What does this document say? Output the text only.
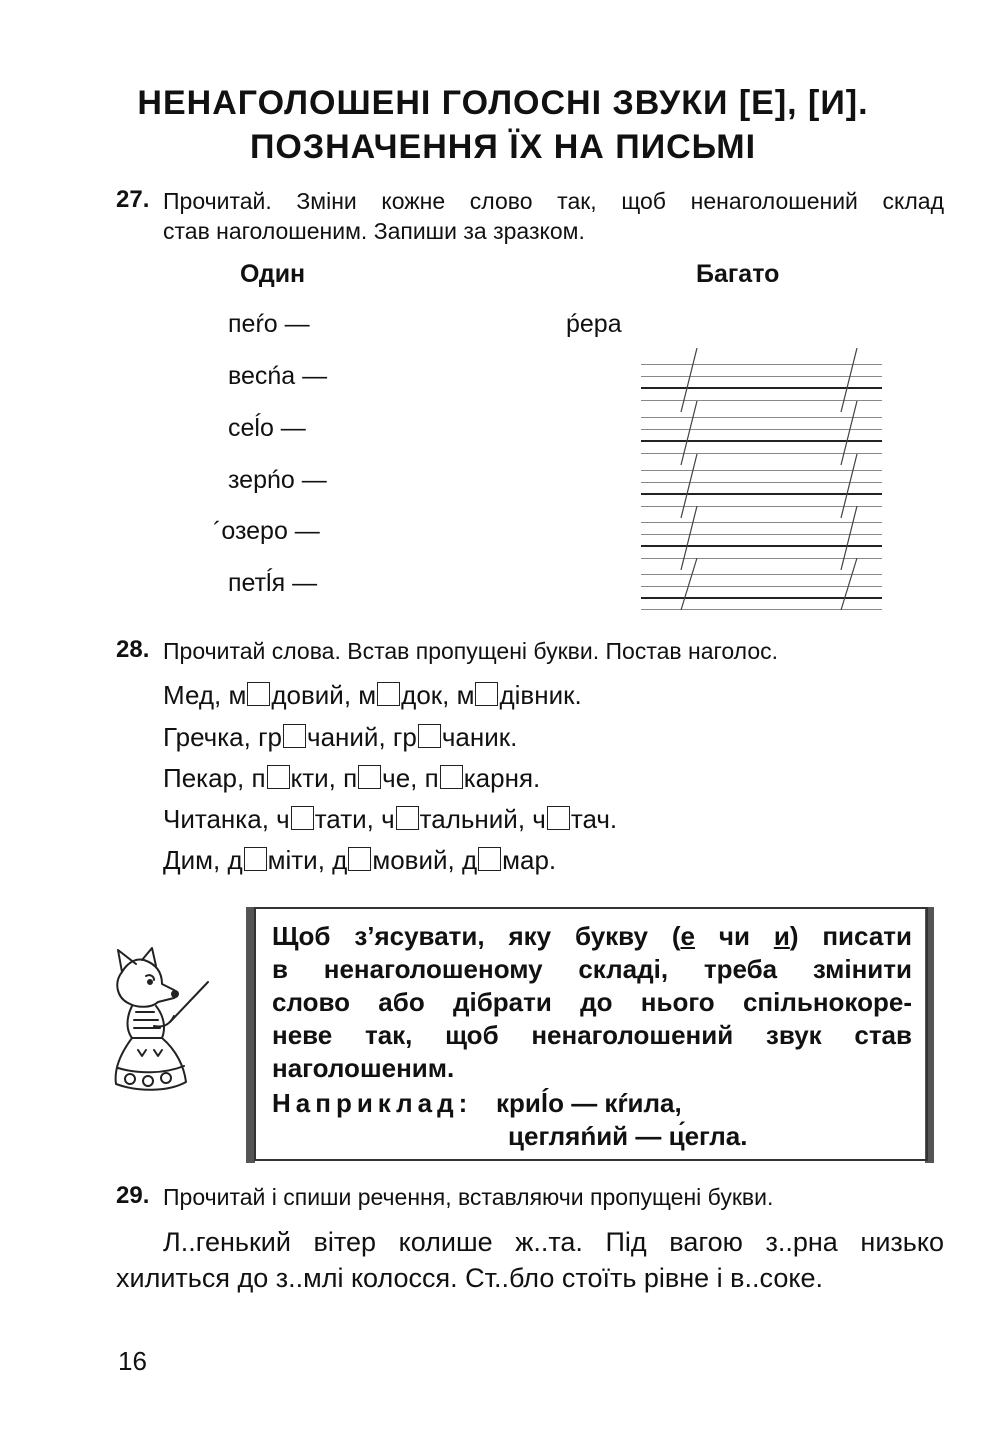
НЕНАГОЛОШЕНІ ГОЛОСНІ ЗВУКИ [Е], [И].
ПОЗНАЧЕННЯ ЇХ НА ПИСЬМІ
27. Прочитай. Зміни кожне слово так, щоб ненаголошений склад
став наголошеним. Запиши за зразком.
Один	Багато
пеŕо —	ṕера
весńа —
сеĺо —
зерńо —
´озеро —
петĺя —
28. Прочитай слова. Встав пропущені букви. Постав наголос.
Мед, м довий, м док, м дівник.
Гречка, гр чаний, гр чаник.
Пекар, п кти, п че, п карня.
Читанка, ч тати, ч тальний, ч тач.
Дим, д міти, д мовий, д мар.
Щоб з’ясувати, яку букву (е чи и) писати
в ненаголошеному складі, треба змінити
слово або дібрати до нього спільнокоре-
неве так, щоб ненаголошений звук став
наголошеним.
Наприклад: криĺо — кŕила,
цегляńий — ц́егла.
29. Прочитай і спиши речення, вставляючи пропущені букви.
Л..генький вітер колише ж..та. Під вагою з..рна низько хилиться до з..млі колосся. Ст..бло стоїть рівне і в..соке.
16
